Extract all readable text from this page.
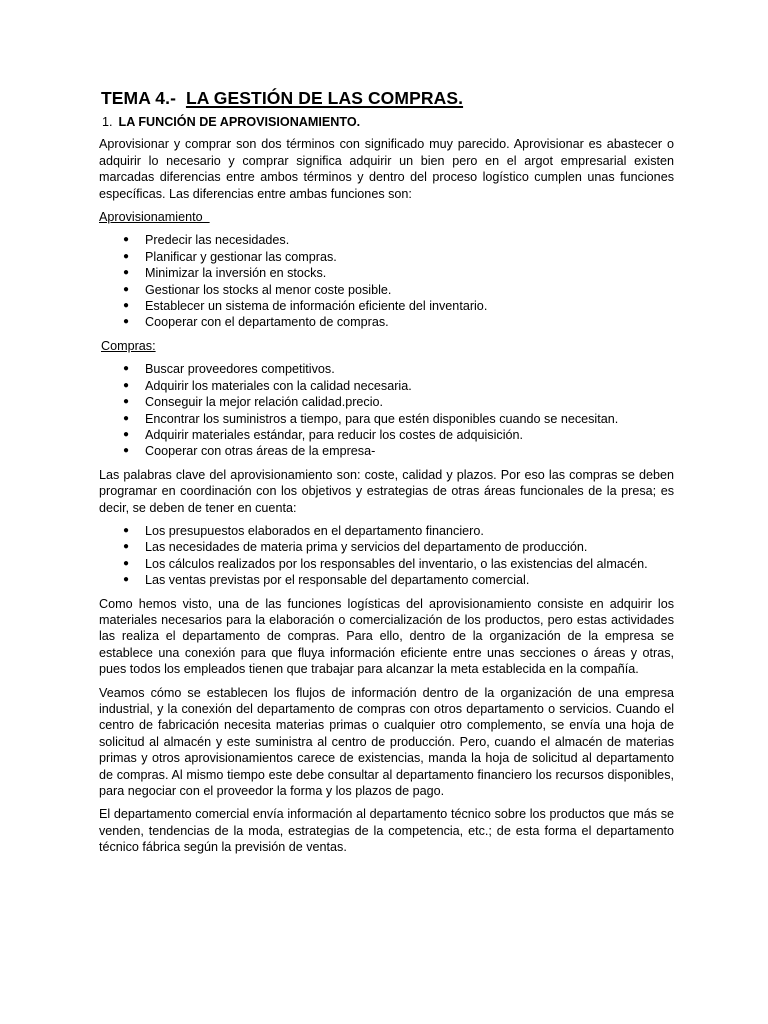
TEMA 4.- LA GESTIÓN DE LAS COMPRAS.
1. LA FUNCIÓN DE APROVISIONAMIENTO.

Aprovisionar y comprar son dos términos con significado muy parecido. Aprovisionar es abastecer o adquirir lo necesario y comprar significa adquirir un bien pero en el argot empresarial existen marcadas diferencias entre ambos términos y dentro del proceso logístico cumplen unas funciones específicas. Las diferencias entre ambas funciones son:

Aprovisionamiento
● Predecir las necesidades.
● Planificar y gestionar las compras.
● Minimizar la inversión en stocks.
● Gestionar los stocks al menor coste posible.
● Establecer un sistema de información eficiente del inventario.
● Cooperar con el departamento de compras.
Compras:
● Buscar proveedores competitivos.
● Adquirir los materiales con la calidad necesaria.
● Conseguir la mejor relación calidad.precio.
● Encontrar los suministros a tiempo, para que estén disponibles cuando se necesitan.
● Adquirir materiales estándar, para reducir los costes de adquisición.
● Cooperar con otras áreas de la empresa-

Las palabras clave del aprovisionamiento son: coste, calidad y plazos. Por eso las compras se deben programar en coordinación con los objetivos y estrategias de otras áreas funcionales de la presa; es decir, se deben de tener en cuenta:

● Los presupuestos elaborados en el departamento financiero.
● Las necesidades de materia prima y servicios del departamento de producción.
● Los cálculos realizados por los responsables del inventario, o las existencias del almacén.
● Las ventas previstas por el responsable del departamento comercial.

Como hemos visto, una de las funciones logísticas del aprovisionamiento consiste en adquirir los materiales necesarios para la elaboración o comercialización de los productos, pero estas actividades las realiza el departamento de compras. Para ello, dentro de la organización de la empresa se establece una conexión para que fluya información eficiente entre unas secciones o áreas y otras, pues todos los empleados tienen que trabajar para alcanzar la meta establecida en la compañía.

Veamos cómo se establecen los flujos de información dentro de la organización de una empresa industrial, y la conexión del departamento de compras con otros departamento o servicios. Cuando el centro de fabricación necesita materias primas o cualquier otro complemento, se envía una hoja de solicitud al almacén y este suministra al centro de producción. Pero, cuando el almacén de materias primas y otros aprovisionamientos carece de existencias, manda la hoja de solicitud al departamento de compras. Al mismo tiempo este debe consultar al departamento financiero los recursos disponibles, para negociar con el proveedor la forma y los plazos de pago.

El departamento comercial envía información al departamento técnico sobre los productos que más se venden, tendencias de la moda, estrategias de la competencia, etc.; de esta forma el departamento técnico fábrica según la previsión de ventas.
